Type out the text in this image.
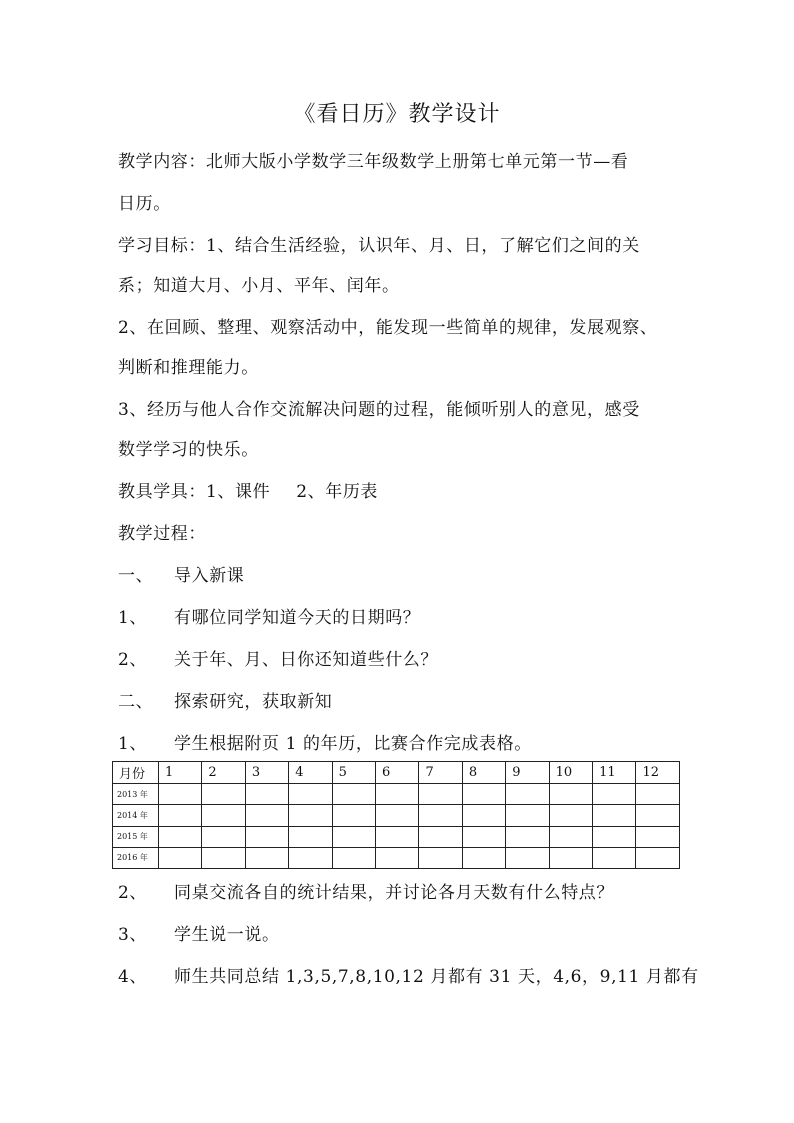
《看日历》教学设计
教学内容：北师大版小学数学三年级数学上册第七单元第一节—看
日历。
学习目标：1、结合生活经验，认识年、月、日，了解它们之间的关
系；知道大月、小月、平年、闰年。
2、在回顾、整理、观察活动中，能发现一些简单的规律，发展观察、
判断和推理能力。
3、经历与他人合作交流解决问题的过程，能倾听别人的意见，感受
数学学习的快乐。
教具学具：1、课件 2、年历表
教学过程：
一、 导入新课
1、 有哪位同学知道今天的日期吗？
2、 关于年、月、日你还知道些什么？
二、 探索研究，获取新知
1、 学生根据附页 1 的年历，比赛合作完成表格。
月份	1	2	3	4	5	6	7	8	9	10	11	12
2013 年												
2014 年												
2015 年												
2016 年												
2、 同桌交流各自的统计结果，并讨论各月天数有什么特点？
3、 学生说一说。
4、 师生共同总结 1,3,5,7,8,10,12 月都有 31 天，4,6，9,11 月都有
